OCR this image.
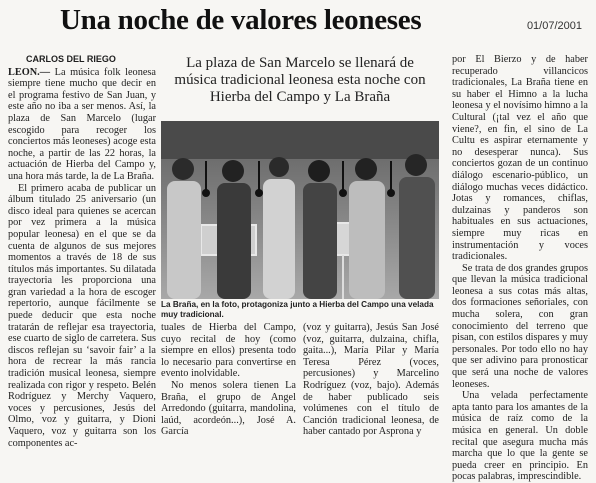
Una noche de valores leoneses	01/07/2001

CARLOS DEL RIEGO

LEON.— La música folk leonesa siempre tiene mucho que decir en el programa festivo de San Juan, y este año no iba a ser menos. Así, la plaza de San Marcelo (lugar escogido para recoger los conciertos más leoneses) acoge esta noche, a partir de las 22 horas, la actuación de Hierba del Campo y, una hora más tarde, la de La Braña.

El primero acaba de publicar un álbum titulado 25 aniversario (un disco ideal para quienes se acercan por vez primera a la música popular leonesa) en el que se da cuenta de algunos de sus mejores momentos a través de 18 de sus títulos más importantes. Su dilatada trayectoria les proporciona una gran variedad a la hora de escoger repertorio, aunque fácilmente se puede deducir que esta noche tratarán de reflejar esa trayectoria, ese cuarto de siglo de carretera. Sus discos reflejan su ‘savoir fair’ a la hora de recrear la más rancia tradición musical leonesa, siempre realizada con rigor y respeto. Belén Rodríguez y Merchy Vaquero, voces y percusiones, Jesús del Olmo, voz y guitarra, y Dioni Vaquero, voz y guitarra son los componentes ac-

La plaza de San Marcelo se llenará de música tradicional leonesa esta noche con Hierba del Campo y La Braña
La Braña, en la foto, protagoniza junto a Hierba del Campo una velada muy tradicional.

tuales de Hierba del Campo, cuyo recital de hoy (como siempre en ellos) presenta todo lo necesario para convertirse en evento inolvidable.

No menos solera tienen La Braña, el grupo de Angel Arredondo (guitarra, mandolina, laúd, acordeón...), José A. García

(voz y guitarra), Jesús San José (voz, guitarra, dulzaina, chifla, gaita...), María Pilar y María Teresa Pérez (voces, percusiones) y Marcelino Rodríguez (voz, bajo). Además de haber publicado seis volúmenes con el título de Canción tradicional leonesa, de haber cantado por Asprona y

por El Bierzo y de haber recuperado villancicos tradicionales, La Braña tiene en su haber el Himno a la lucha leonesa y el novísimo himno a la Cultural (¡tal vez el año que viene?, en fin, el sino de La Cultu es aspirar eternamente y no desesperar nunca). Sus conciertos gozan de un continuo diálogo escenario-público, un diálogo muchas veces didáctico. Jotas y romances, chiflas, dulzainas y panderos son habituales en sus actuaciones, siempre muy ricas en instrumentación y voces tradicionales.

Se trata de dos grandes grupos que llevan la música tradicional leonesa a sus cotas más altas, dos formaciones señoriales, con mucha solera, con gran conocimiento del terreno que pisan, con estilos dispares y muy personales. Por todo ello no hay que ser adivino para pronosticar que será una noche de valores leoneses.

Una velada perfectamente apta tanto para los amantes de la música de raíz como de la música en general. Un doble recital que asegura mucha más marcha que lo que la gente se pueda creer en principio. En pocas palabras, imprescindible.
